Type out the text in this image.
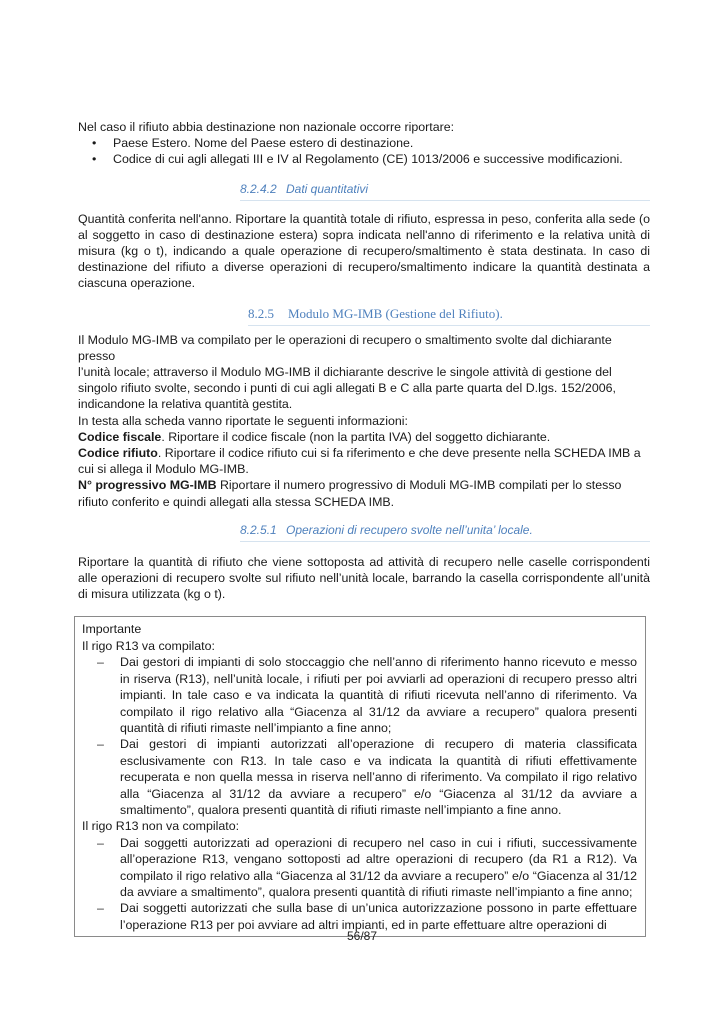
Nel caso il rifiuto abbia destinazione non nazionale occorre riportare:

• Paese Estero. Nome del Paese estero di destinazione.
• Codice di cui agli allegati III e IV al Regolamento (CE) 1013/2006 e successive modificazioni.
8.2.4.2 Dati quantitativi

Quantità conferita nell'anno. Riportare la quantità totale di rifiuto, espressa in peso, conferita alla sede (o al soggetto in caso di destinazione estera) sopra indicata nell'anno di riferimento e la relativa unità di misura (kg o t), indicando a quale operazione di recupero/smaltimento è stata destinata. In caso di destinazione del rifiuto a diverse operazioni di recupero/smaltimento indicare la quantità destinata a ciascuna operazione.

8.2.5 Modulo MG-IMB (Gestione del Rifiuto).

Il Modulo MG-IMB va compilato per le operazioni di recupero o smaltimento svolte dal dichiarante presso

l’unità locale; attraverso il Modulo MG-IMB il dichiarante descrive le singole attività di gestione del

singolo rifiuto svolte, secondo i punti di cui agli allegati B e C alla parte quarta del D.lgs. 152/2006,

indicandone la relativa quantità gestita.

In testa alla scheda vanno riportate le seguenti informazioni:

Codice fiscale. Riportare il codice fiscale (non la partita IVA) del soggetto dichiarante.

Codice rifiuto. Riportare il codice rifiuto cui si fa riferimento e che deve presente nella SCHEDA IMB a cui si allega il Modulo MG-IMB.

N° progressivo MG-IMB Riportare il numero progressivo di Moduli MG-IMB compilati per lo stesso rifiuto conferito e quindi allegati alla stessa SCHEDA IMB.

8.2.5.1 Operazioni di recupero svolte nell’unita’ locale.

Riportare la quantità di rifiuto che viene sottoposta ad attività di recupero nelle caselle corrispondenti alle operazioni di recupero svolte sul rifiuto nell’unità locale, barrando la casella corrispondente all’unità di misura utilizzata (kg o t).

Importante

Il rigo R13 va compilato:

– Dai gestori di impianti di solo stoccaggio che nell’anno di riferimento hanno ricevuto e messo in riserva (R13), nell’unità locale, i rifiuti per poi avviarli ad operazioni di recupero presso altri impianti. In tale caso e va indicata la quantità di rifiuti ricevuta nell’anno di riferimento. Va compilato il rigo relativo alla “Giacenza al 31/12 da avviare a recupero” qualora presenti quantità di rifiuti rimaste nell’impianto a fine anno;
– Dai gestori di impianti autorizzati all’operazione di recupero di materia classificata esclusivamente con R13. In tale caso e va indicata la quantità di rifiuti effettivamente recuperata e non quella messa in riserva nell’anno di riferimento. Va compilato il rigo relativo alla “Giacenza al 31/12 da avviare a recupero” e/o “Giacenza al 31/12 da avviare a smaltimento”, qualora presenti quantità di rifiuti rimaste nell’impianto a fine anno.

Il rigo R13 non va compilato:

– Dai soggetti autorizzati ad operazioni di recupero nel caso in cui i rifiuti, successivamente all’operazione R13, vengano sottoposti ad altre operazioni di recupero (da R1 a R12). Va compilato il rigo relativo alla “Giacenza al 31/12 da avviare a recupero” e/o “Giacenza al 31/12 da avviare a smaltimento”, qualora presenti quantità di rifiuti rimaste nell’impianto a fine anno;
– Dai soggetti autorizzati che sulla base di un’unica autorizzazione possono in parte effettuare l’operazione R13 per poi avviare ad altri impianti, ed in parte effettuare altre operazioni di
56/87
